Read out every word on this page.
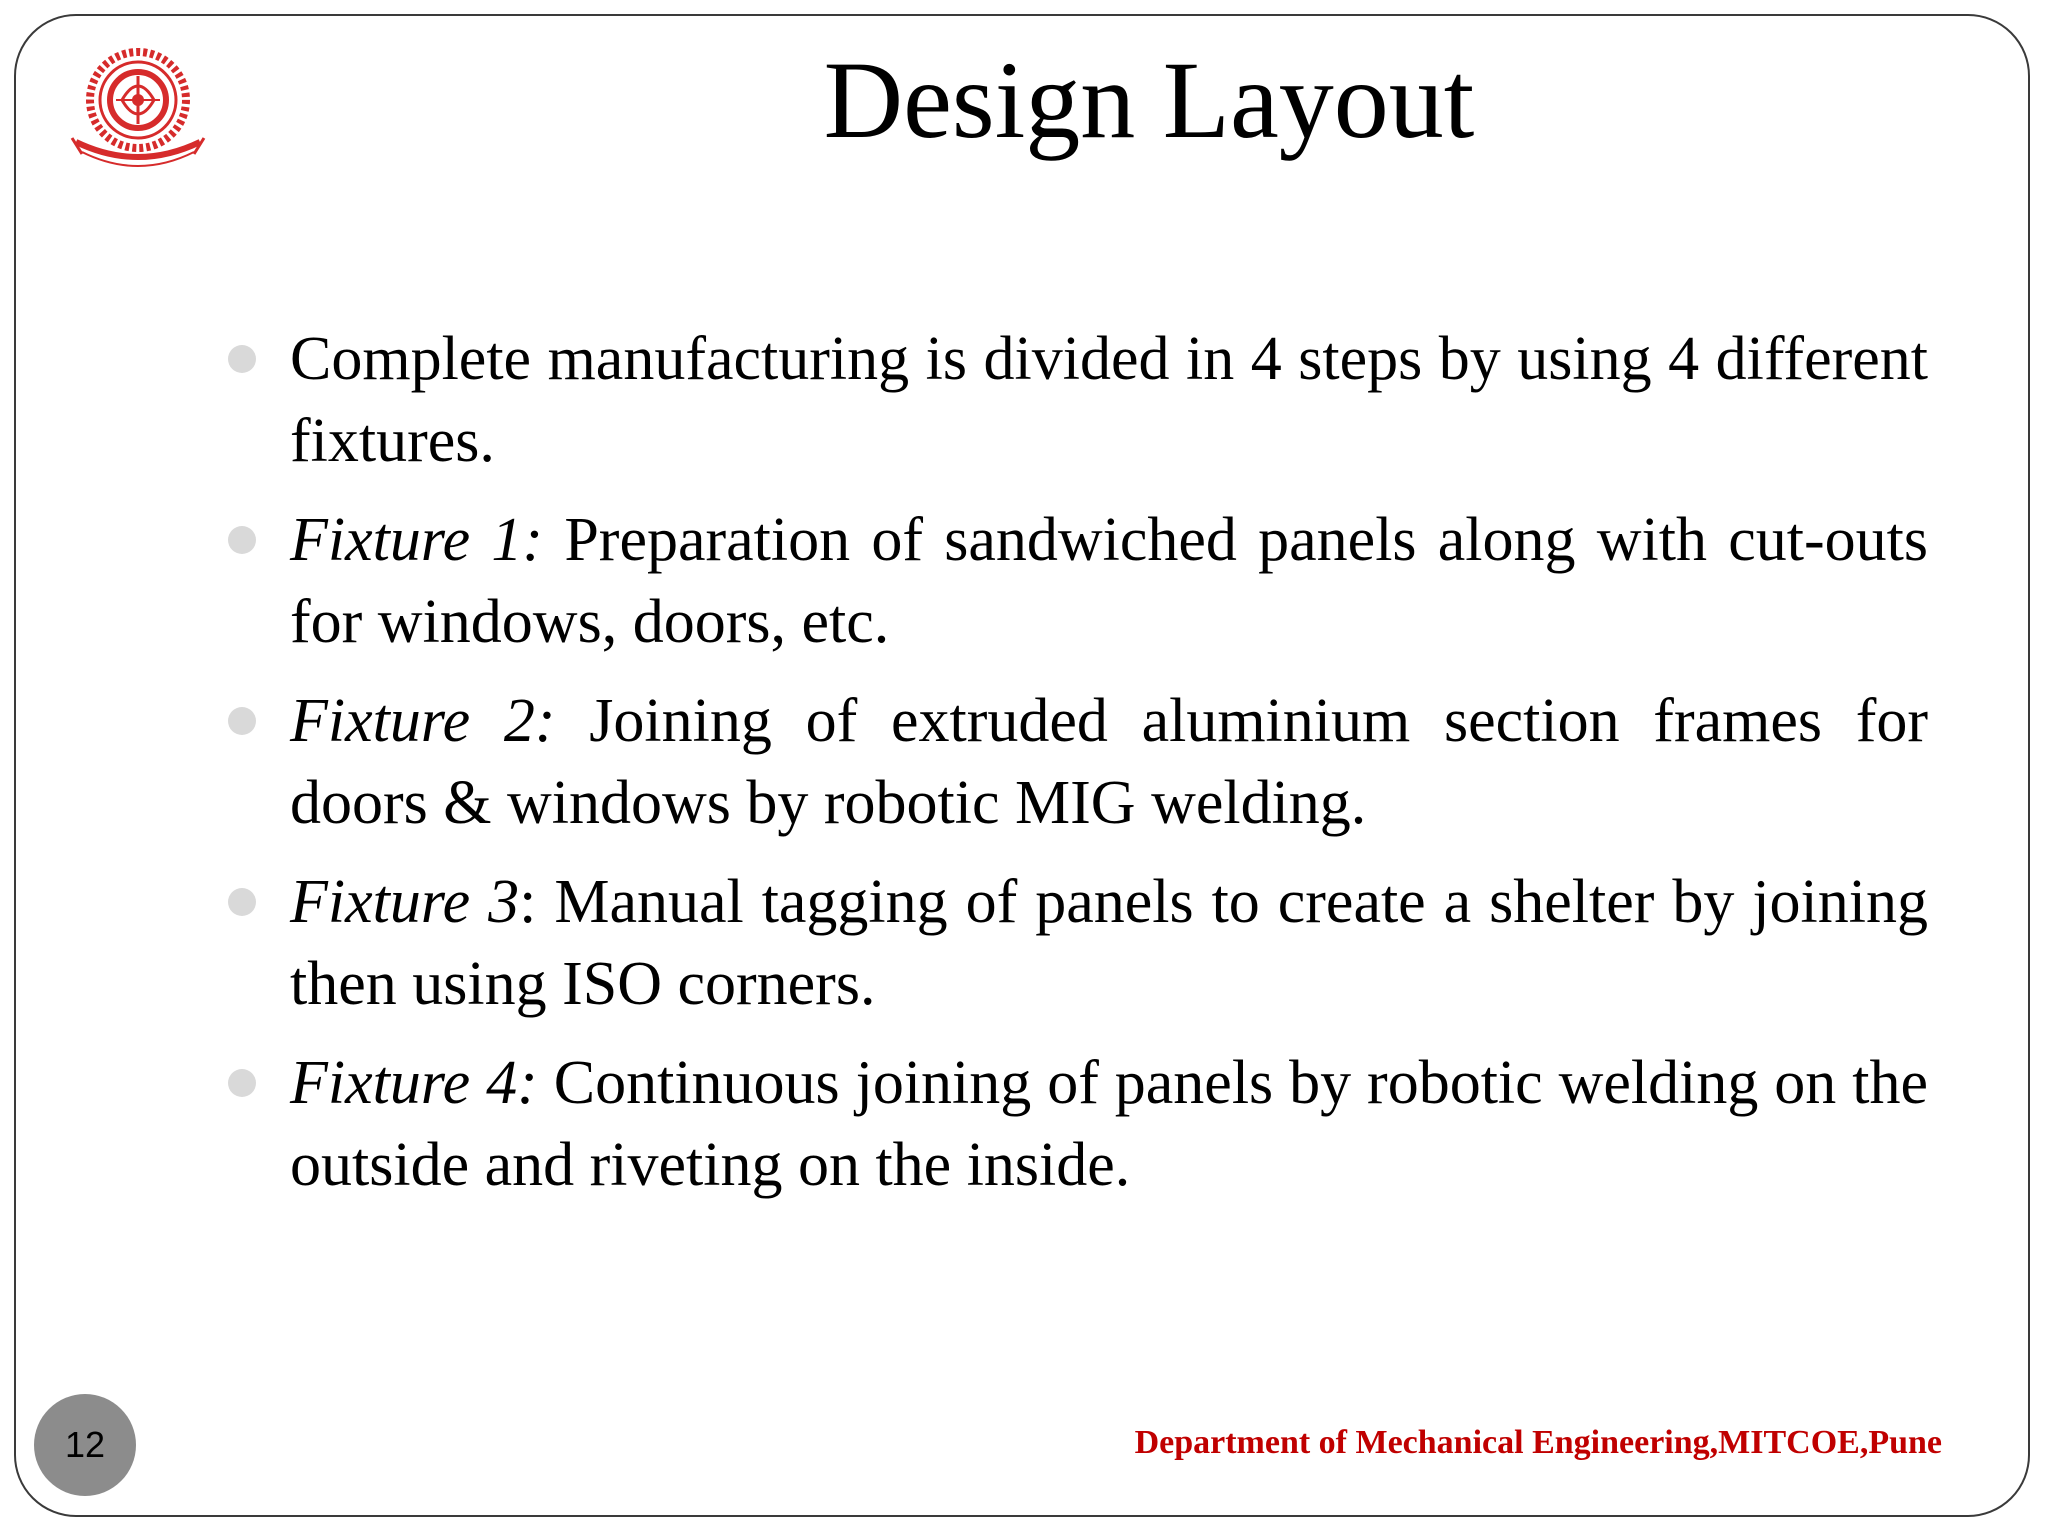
Design Layout
Complete manufacturing is divided in 4 steps by using 4 different fixtures.
Fixture 1: Preparation of sandwiched panels along with cut-outs for windows, doors, etc.
Fixture 2: Joining of extruded aluminium section frames for doors & windows by robotic MIG welding.
Fixture 3: Manual tagging of panels to create a shelter by joining then using ISO corners.
Fixture 4: Continuous joining of panels by robotic welding on the outside and riveting on the inside.
12	Department of Mechanical Engineering,MITCOE,Pune
